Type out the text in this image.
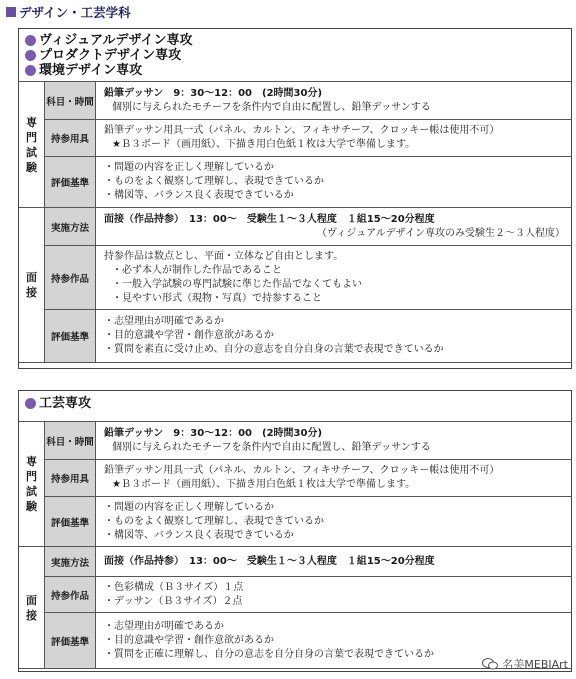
デザイン・工芸学科
ヴィジュアルデザイン専攻
プロダクトデザイン専攻
環境デザイン専攻
専門試験	科目・時間	鉛筆デッサン　9：30～12：00　(2時間30分)
個別に与えられたモチーフを条件内で自由に配置し、鉛筆デッサンする

	持参用具	鉛筆デッサン用具一式（パネル、カルトン、フィキサチーフ、クロッキー帳は使用不可）
★Ｂ３ボード（画用紙）、下描き用白色紙１枚は大学で準備します。

	評価基準	・問題の内容を正しく理解しているか
・ものをよく観察して理解し、表現できているか
・構図等、バランス良く表現できているか

面接	実施方法	面接（作品持参）　13：00～　受験生１～３人程度　１組15～20分程度
（ヴィジュアルデザイン専攻のみ受験生２～３人程度）

	持参作品	持参作品は数点とし、平面・立体など自由とします。
・必ず本人が制作した作品であること
・一般入学試験の専門試験に準じた作品でなくてもよい
・見やすい形式（現物・写真）で持参すること

	評価基準	・志望理由が明確であるか
・目的意識や学習・創作意欲があるか
・質問を素直に受け止め、自分の意志を自分自身の言葉で表現できているか
工芸専攻
専門試験	科目・時間	鉛筆デッサン　9：30～12：00　(2時間30分)
個別に与えられたモチーフを条件内で自由に配置し、鉛筆デッサンする

	持参用具	鉛筆デッサン用具一式（パネル、カルトン、フィキサチーフ、クロッキー帳は使用不可）
★Ｂ３ボード（画用紙）、下描き用白色紙１枚は大学で準備します。

	評価基準	・問題の内容を正しく理解しているか
・ものをよく観察して理解し、表現できているか
・構図等、バランス良く表現できているか

面接	実施方法	面接（作品持参）　13：00～　受験生１～３人程度　１組15～20分程度

	持参作品	・色彩構成（Ｂ３サイズ）１点
・デッサン（Ｂ３サイズ）２点

	評価基準	・志望理由が明確であるか
・目的意識や学習・創作意欲があるか
・質問を正確に理解し、自分の意志を自分自身の言葉で表現できているか
名美MEBIArt
